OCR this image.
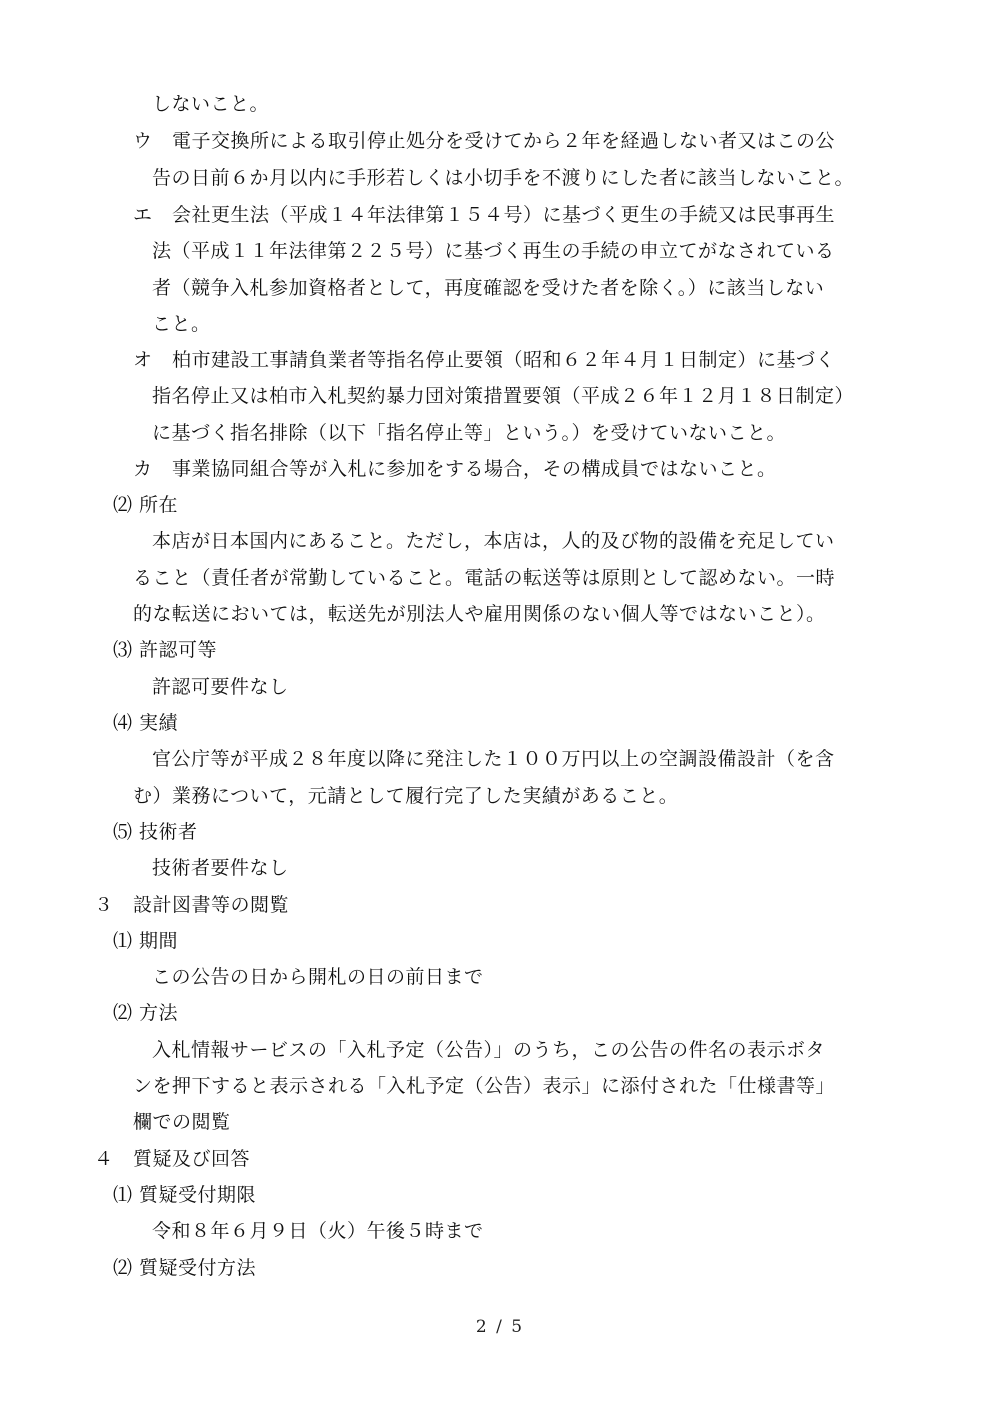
しないこと。
ウ　電子交換所による取引停止処分を受けてから２年を経過しない者又はこの公
告の日前６か月以内に手形若しくは小切手を不渡りにした者に該当しないこと。
エ　会社更生法（平成１４年法律第１５４号）に基づく更生の手続又は民事再生
法（平成１１年法律第２２５号）に基づく再生の手続の申立てがなされている
者（競争入札参加資格者として，再度確認を受けた者を除く。）に該当しない
こと。
オ　柏市建設工事請負業者等指名停止要領（昭和６２年４月１日制定）に基づく
指名停止又は柏市入札契約暴力団対策措置要領（平成２６年１２月１８日制定）
に基づく指名排除（以下「指名停止等」という。）を受けていないこと。
カ　事業協同組合等が入札に参加をする場合，その構成員ではないこと。
⑵ 所在
本店が日本国内にあること。ただし，本店は，人的及び物的設備を充足してい
ること（責任者が常勤していること。電話の転送等は原則として認めない。一時
的な転送においては，転送先が別法人や雇用関係のない個人等ではないこと）。
⑶ 許認可等
許認可要件なし
⑷ 実績
官公庁等が平成２８年度以降に発注した１００万円以上の空調設備設計（を含
む）業務について，元請として履行完了した実績があること。
⑸ 技術者
技術者要件なし
３　設計図書等の閲覧
⑴ 期間
この公告の日から開札の日の前日まで
⑵ 方法
入札情報サービスの「入札予定（公告）」のうち，この公告の件名の表示ボタ
ンを押下すると表示される「入札予定（公告）表示」に添付された「仕様書等」
欄での閲覧
４　質疑及び回答
⑴ 質疑受付期限
令和８年６月９日（火）午後５時まで
⑵ 質疑受付方法
2 / 5
